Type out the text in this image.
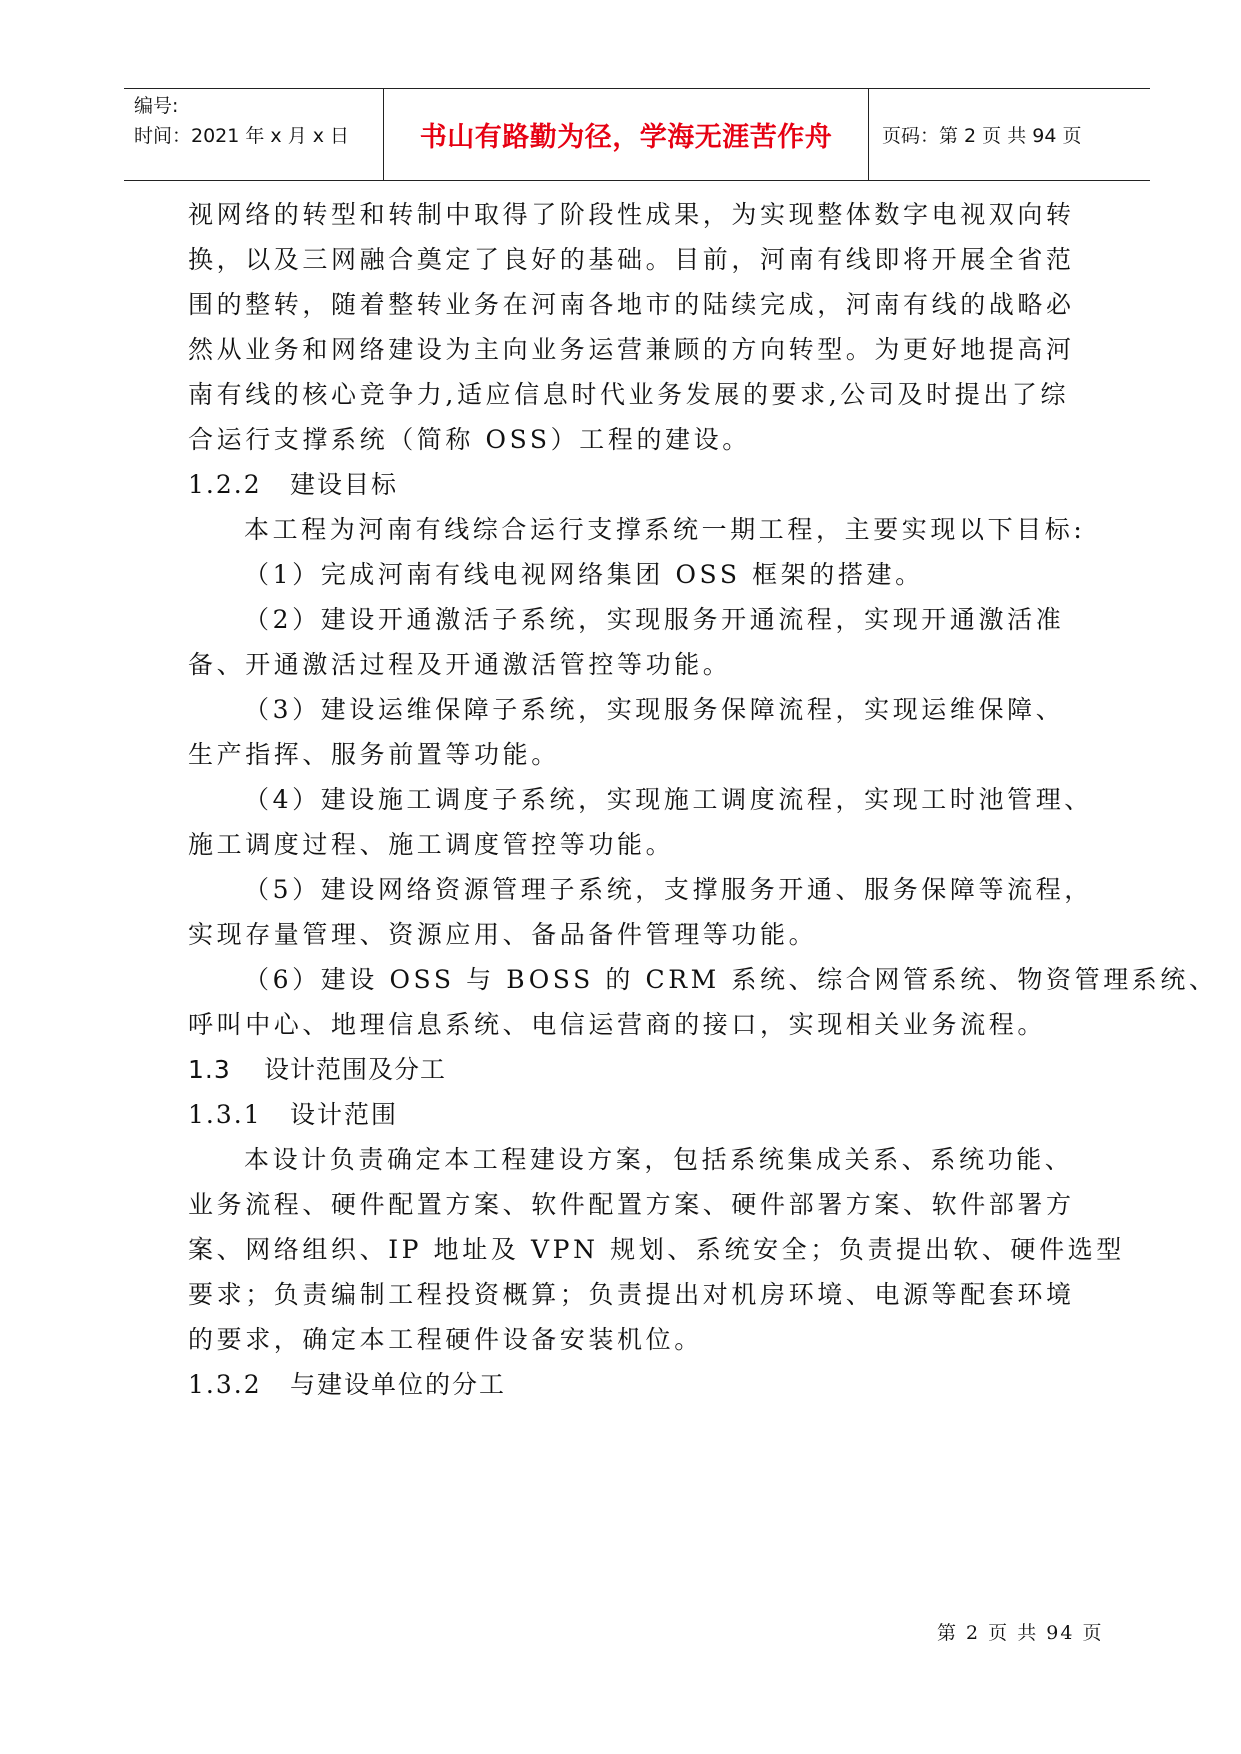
编号:
时间：2021 年 x 月 x 日	书山有路勤为径，学海无涯苦作舟	页码：第 2 页 共 94 页
视网络的转型和转制中取得了阶段性成果，为实现整体数字电视双向转
换，以及三网融合奠定了良好的基础。目前，河南有线即将开展全省范
围的整转，随着整转业务在河南各地市的陆续完成，河南有线的战略必
然从业务和网络建设为主向业务运营兼顾的方向转型。为更好地提高河
南有线的核心竞争力,适应信息时代业务发展的要求,公司及时提出了综
合运行支撑系统（简称 OSS）工程的建设。
1.2.2 建设目标
本工程为河南有线综合运行支撑系统一期工程，主要实现以下目标:
（1）完成河南有线电视网络集团 OSS 框架的搭建。
（2）建设开通激活子系统，实现服务开通流程，实现开通激活准
备、开通激活过程及开通激活管控等功能。
（3）建设运维保障子系统，实现服务保障流程，实现运维保障、
生产指挥、服务前置等功能。
（4）建设施工调度子系统，实现施工调度流程，实现工时池管理、
施工调度过程、施工调度管控等功能。
（5）建设网络资源管理子系统，支撑服务开通、服务保障等流程，
实现存量管理、资源应用、备品备件管理等功能。
（6）建设 OSS 与 BOSS 的 CRM 系统、综合网管系统、物资管理系统、
呼叫中心、地理信息系统、电信运营商的接口，实现相关业务流程。
1.3 设计范围及分工
1.3.1 设计范围
本设计负责确定本工程建设方案，包括系统集成关系、系统功能、
业务流程、硬件配置方案、软件配置方案、硬件部署方案、软件部署方
案、网络组织、IP 地址及 VPN 规划、系统安全；负责提出软、硬件选型
要求；负责编制工程投资概算；负责提出对机房环境、电源等配套环境
的要求，确定本工程硬件设备安装机位。
1.3.2 与建设单位的分工
第 2 页 共 94 页
